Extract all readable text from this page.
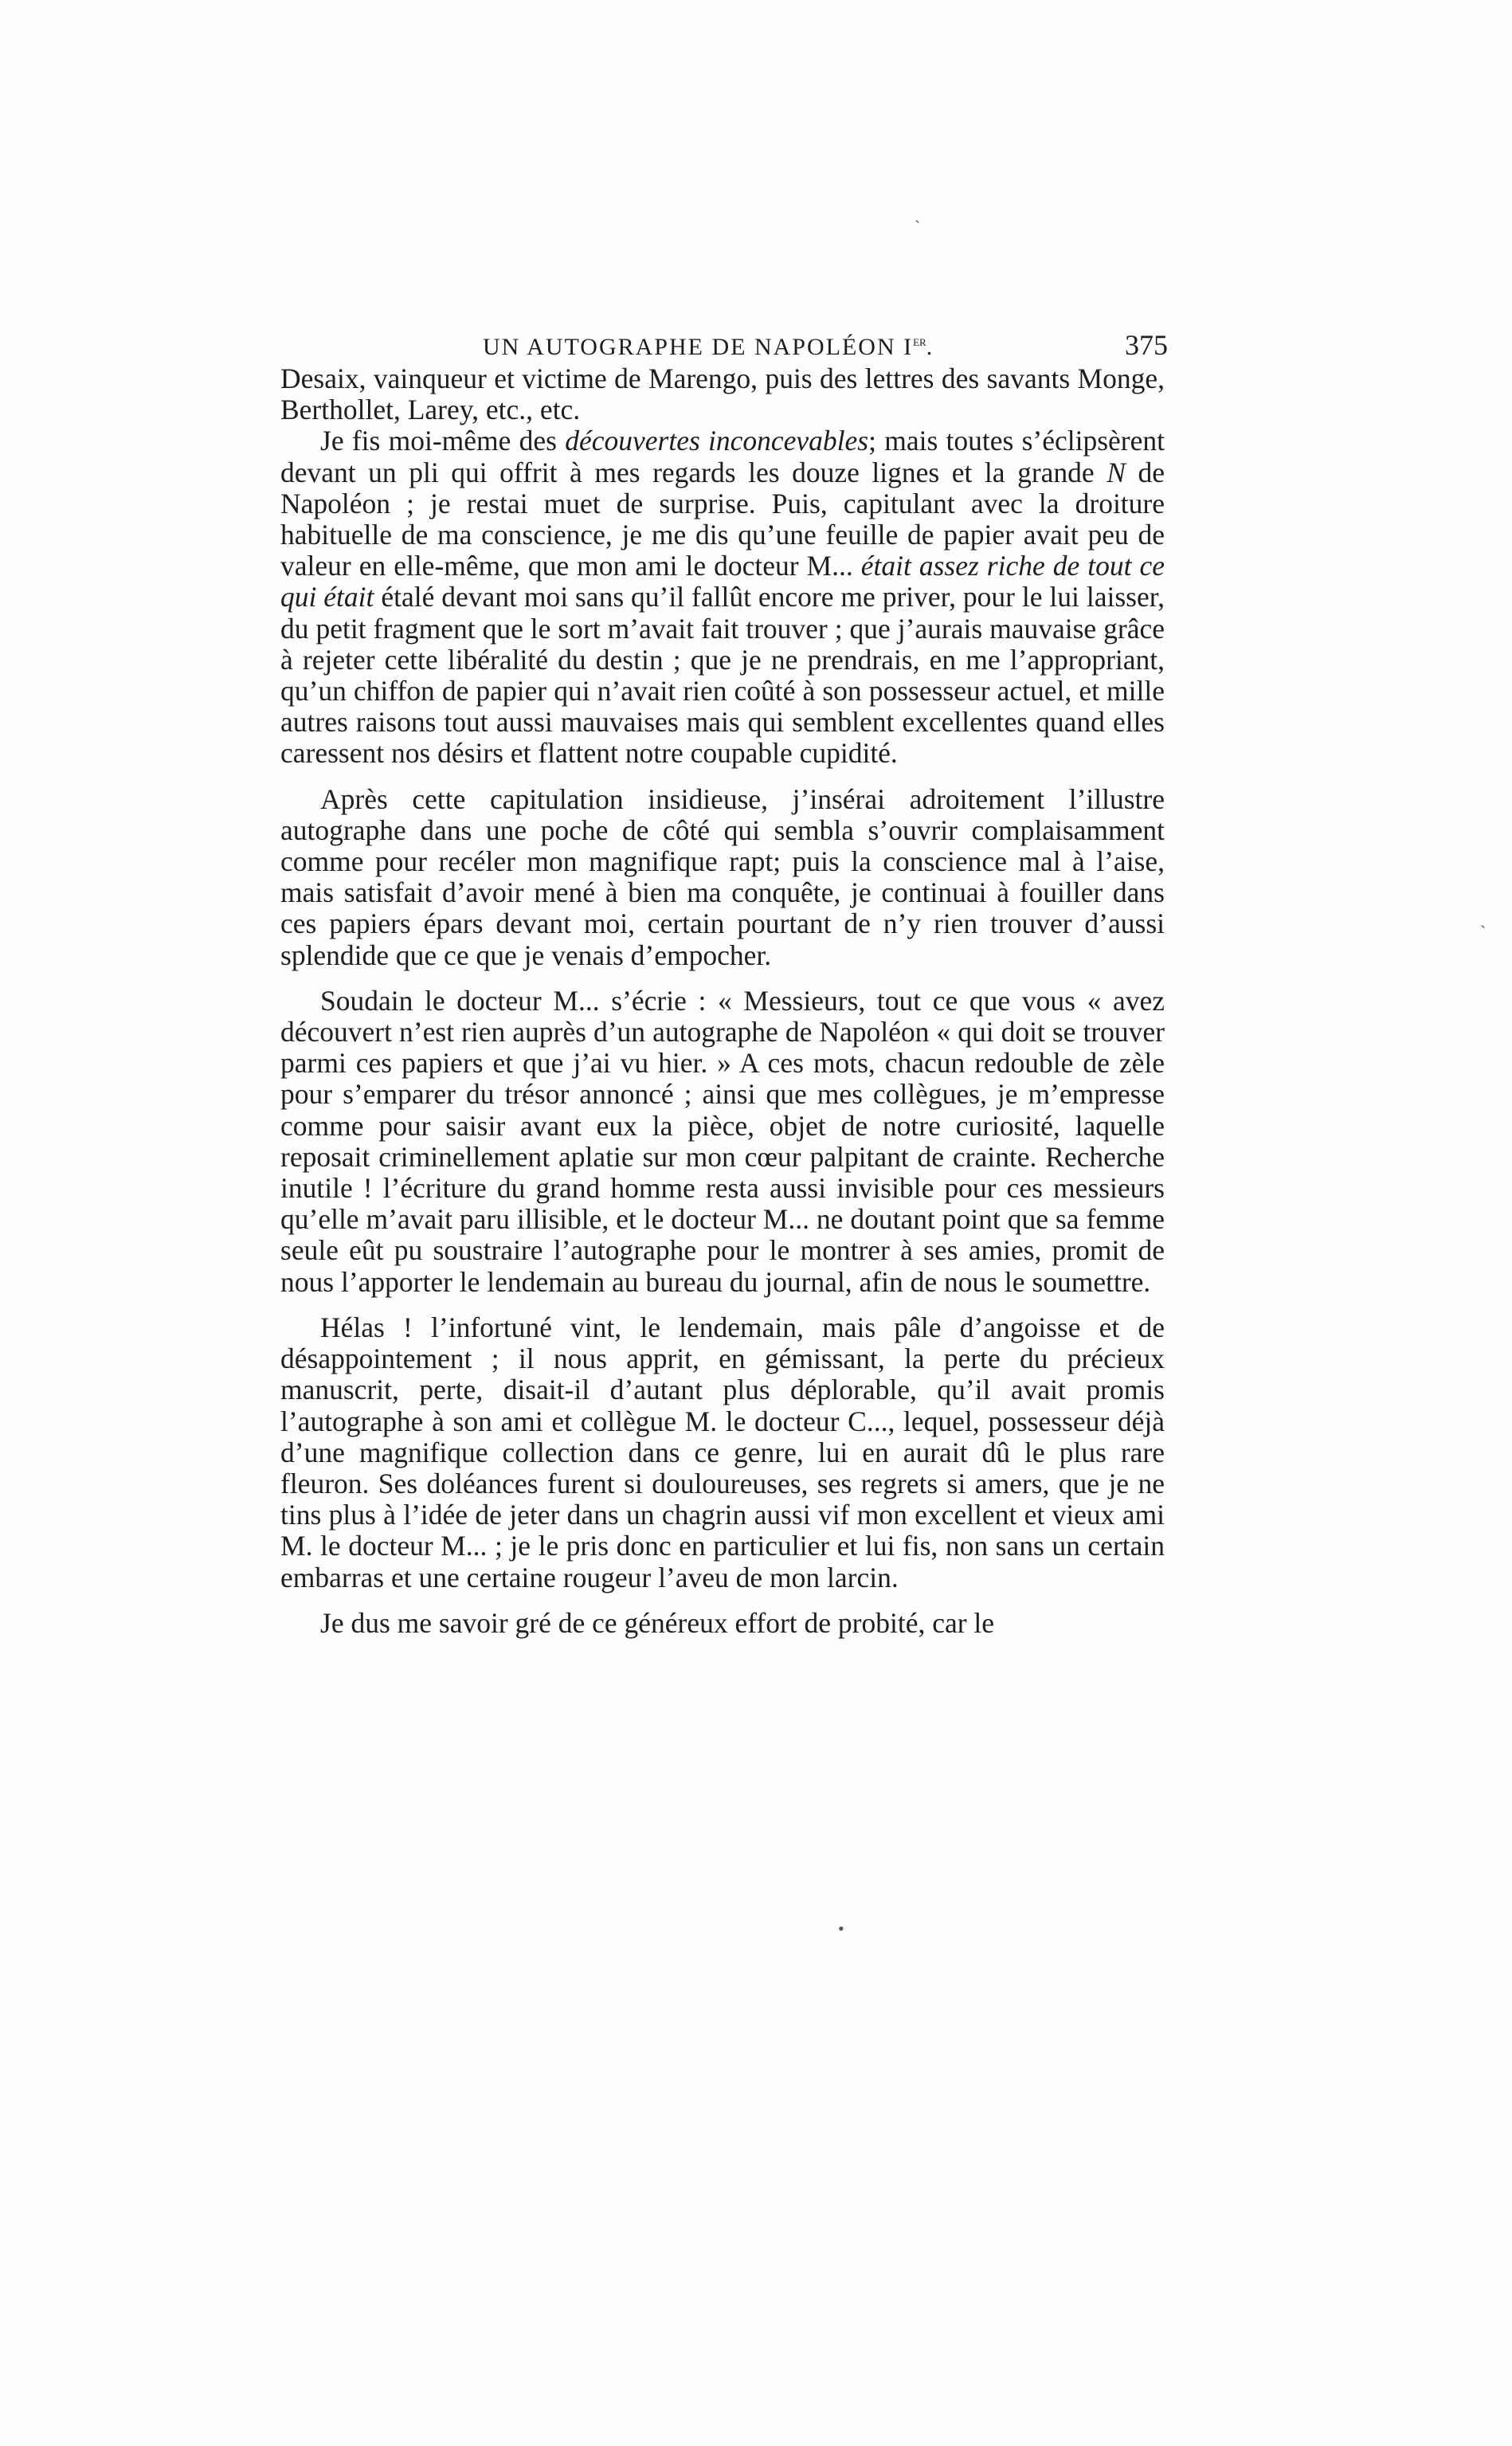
UN AUTOGRAPHE DE NAPOLÉON Ier.	375

Desaix, vainqueur et victime de Marengo, puis des lettres des savants Monge, Berthollet, Larey, etc., etc.

Je fis moi-même des découvertes inconcevables; mais toutes s’éclipsèrent devant un pli qui offrit à mes regards les douze lignes et la grande N de Napoléon ; je restai muet de surprise. Puis, capitulant avec la droiture habituelle de ma conscience, je me dis qu’une feuille de papier avait peu de valeur en elle-même, que mon ami le docteur M... était assez riche de tout ce qui était étalé devant moi sans qu’il fallût encore me priver, pour le lui laisser, du petit fragment que le sort m’avait fait trouver ; que j’aurais mauvaise grâce à rejeter cette libéralité du destin ; que je ne prendrais, en me l’appropriant, qu’un chiffon de papier qui n’avait rien coûté à son possesseur actuel, et mille autres raisons tout aussi mauvaises mais qui semblent excellentes quand elles caressent nos désirs et flattent notre coupable cupidité.

Après cette capitulation insidieuse, j’insérai adroitement l’illustre autographe dans une poche de côté qui sembla s’ouvrir complaisamment comme pour recéler mon magnifique rapt; puis la conscience mal à l’aise, mais satisfait d’avoir mené à bien ma conquête, je continuai à fouiller dans ces papiers épars devant moi, certain pourtant de n’y rien trouver d’aussi splendide que ce que je venais d’empocher.

Soudain le docteur M... s’écrie : « Messieurs, tout ce que vous « avez découvert n’est rien auprès d’un autographe de Napoléon « qui doit se trouver parmi ces papiers et que j’ai vu hier. » A ces mots, chacun redouble de zèle pour s’emparer du trésor annoncé ; ainsi que mes collègues, je m’empresse comme pour saisir avant eux la pièce, objet de notre curiosité, laquelle reposait criminellement aplatie sur mon cœur palpitant de crainte. Recherche inutile ! l’écriture du grand homme resta aussi invisible pour ces messieurs qu’elle m’avait paru illisible, et le docteur M... ne doutant point que sa femme seule eût pu soustraire l’autographe pour le montrer à ses amies, promit de nous l’apporter le lendemain au bureau du journal, afin de nous le soumettre.

Hélas ! l’infortuné vint, le lendemain, mais pâle d’angoisse et de désappointement ; il nous apprit, en gémissant, la perte du précieux manuscrit, perte, disait-il d’autant plus déplorable, qu’il avait promis l’autographe à son ami et collègue M. le docteur C..., lequel, possesseur déjà d’une magnifique collection dans ce genre, lui en aurait dû le plus rare fleuron. Ses doléances furent si douloureuses, ses regrets si amers, que je ne tins plus à l’idée de jeter dans un chagrin aussi vif mon excellent et vieux ami M. le docteur M... ; je le pris donc en particulier et lui fis, non sans un certain embarras et une certaine rougeur l’aveu de mon larcin.

Je dus me savoir gré de ce généreux effort de probité, car le

ˋ
ˏ
•
